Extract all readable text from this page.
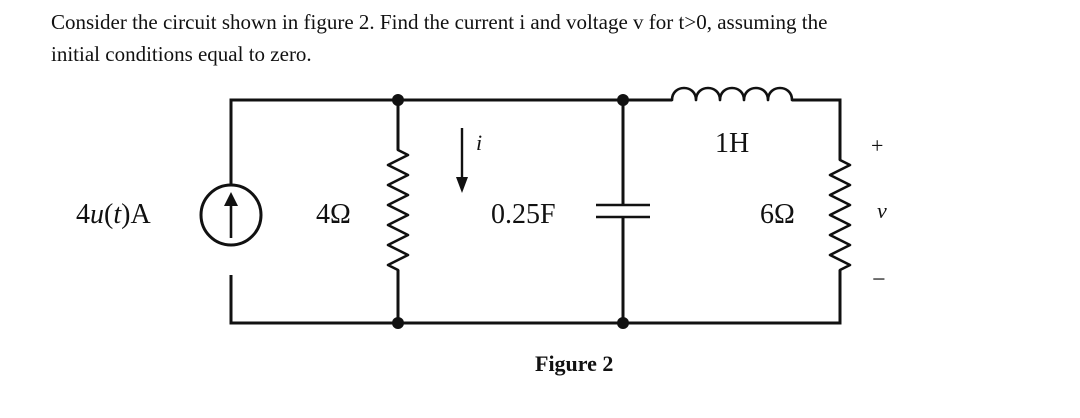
Consider the circuit shown in figure 2. Find the current i and voltage v for t>0, assuming the
initial conditions equal to zero.

4u(t)A	4Ω
i
0.25F
1H
6Ω
+
v
−
Figure 2
